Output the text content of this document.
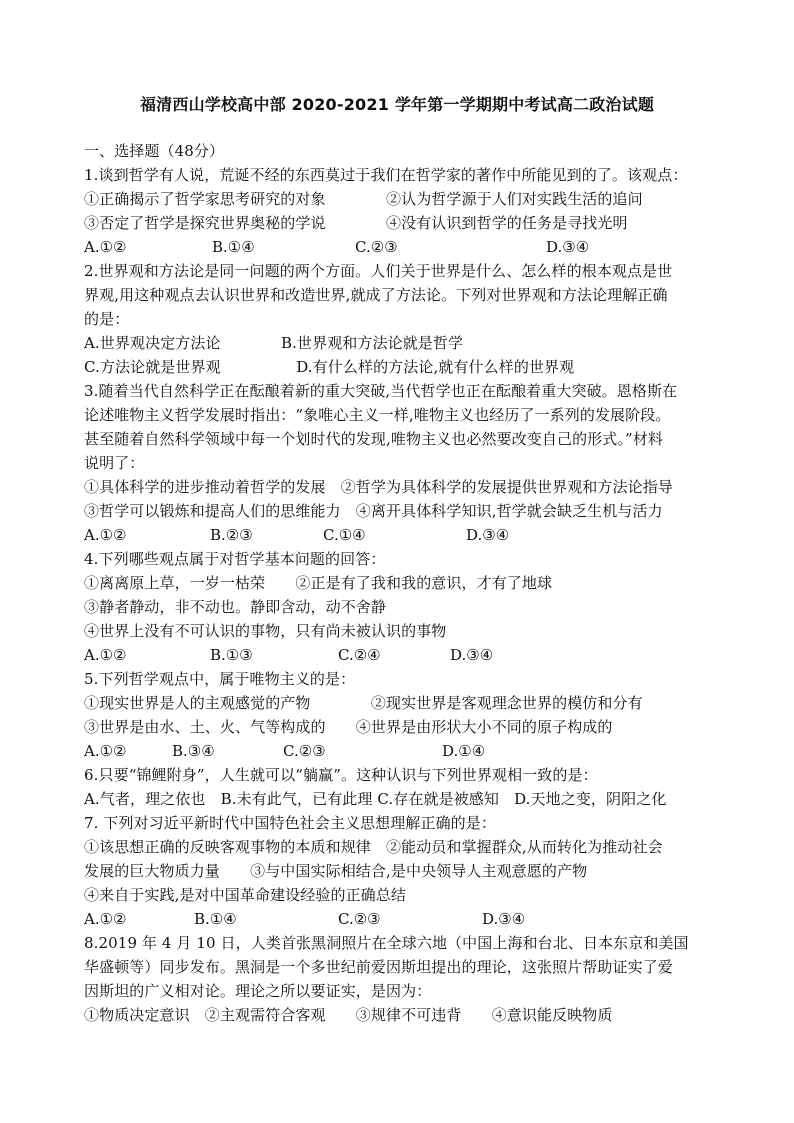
福清西山学校高中部 2020-2021 学年第一学期期中考试高二政治试题
一、选择题（48分）
1.谈到哲学有人说，荒诞不经的东西莫过于我们在哲学家的著作中所能见到的了。该观点：
①正确揭示了哲学家思考研究的对象　　　　②认为哲学源于人们对实践生活的追问
③否定了哲学是探究世界奥秘的学说　　　　④没有认识到哲学的任务是寻找光明
A.①②	B.①④	C.②③	D.③④
2.世界观和方法论是同一问题的两个方面。人们关于世界是什么、怎么样的根本观点是世
界观,用这种观点去认识世界和改造世界,就成了方法论。下列对世界观和方法论理解正确
的是：
A.世界观决定方法论　　　　B.世界观和方法论就是哲学
C.方法论就是世界观　　　　　D.有什么样的方法论,就有什么样的世界观
3.随着当代自然科学正在酝酿着新的重大突破,当代哲学也正在酝酿着重大突破。恩格斯在
论述唯物主义哲学发展时指出：“象唯心主义一样,唯物主义也经历了一系列的发展阶段。
甚至随着自然科学领域中每一个划时代的发现,唯物主义也必然要改变自己的形式。”材料
说明了：
①具体科学的进步推动着哲学的发展　②哲学为具体科学的发展提供世界观和方法论指导
③哲学可以锻炼和提高人们的思维能力　④离开具体科学知识,哲学就会缺乏生机与活力
A.①②	B.②③	C.①④	D.③④
4.下列哪些观点属于对哲学基本问题的回答：
①离离原上草，一岁一枯荣　　②正是有了我和我的意识，才有了地球
③静者静动，非不动也。静即含动，动不舍静
④世界上没有不可认识的事物，只有尚未被认识的事物
A.①②	B.①③	C.②④	D.③④
5.下列哲学观点中，属于唯物主义的是：
①现实世界是人的主观感觉的产物　　　　②现实世界是客观理念世界的模仿和分有
③世界是由水、土、火、气等构成的　　④世界是由形状大小不同的原子构成的
A.①②	B.③④	C.②③	D.①④
6.只要“锦鲤附身”，人生就可以“躺赢”。这种认识与下列世界观相一致的是：
A.气者，理之依也　B.未有此气，已有此理 C.存在就是被感知　D.天地之变，阴阳之化
7. 下列对习近平新时代中国特色社会主义思想理解正确的是：
①该思想正确的反映客观事物的本质和规律　②能动员和掌握群众,从而转化为推动社会
发展的巨大物质力量　　③与中国实际相结合,是中央领导人主观意愿的产物
④来自于实践,是对中国革命建设经验的正确总结
A.①②	B.①④	C.②③	D.③④
8.2019 年 4 月 10 日，人类首张黑洞照片在全球六地（中国上海和台北、日本东京和美国
华盛顿等）同步发布。黑洞是一个多世纪前爱因斯坦提出的理论，这张照片帮助证实了爱
因斯坦的广义相对论。理论之所以要证实，是因为：
①物质决定意识　②主观需符合客观　　③规律不可违背　　④意识能反映物质
